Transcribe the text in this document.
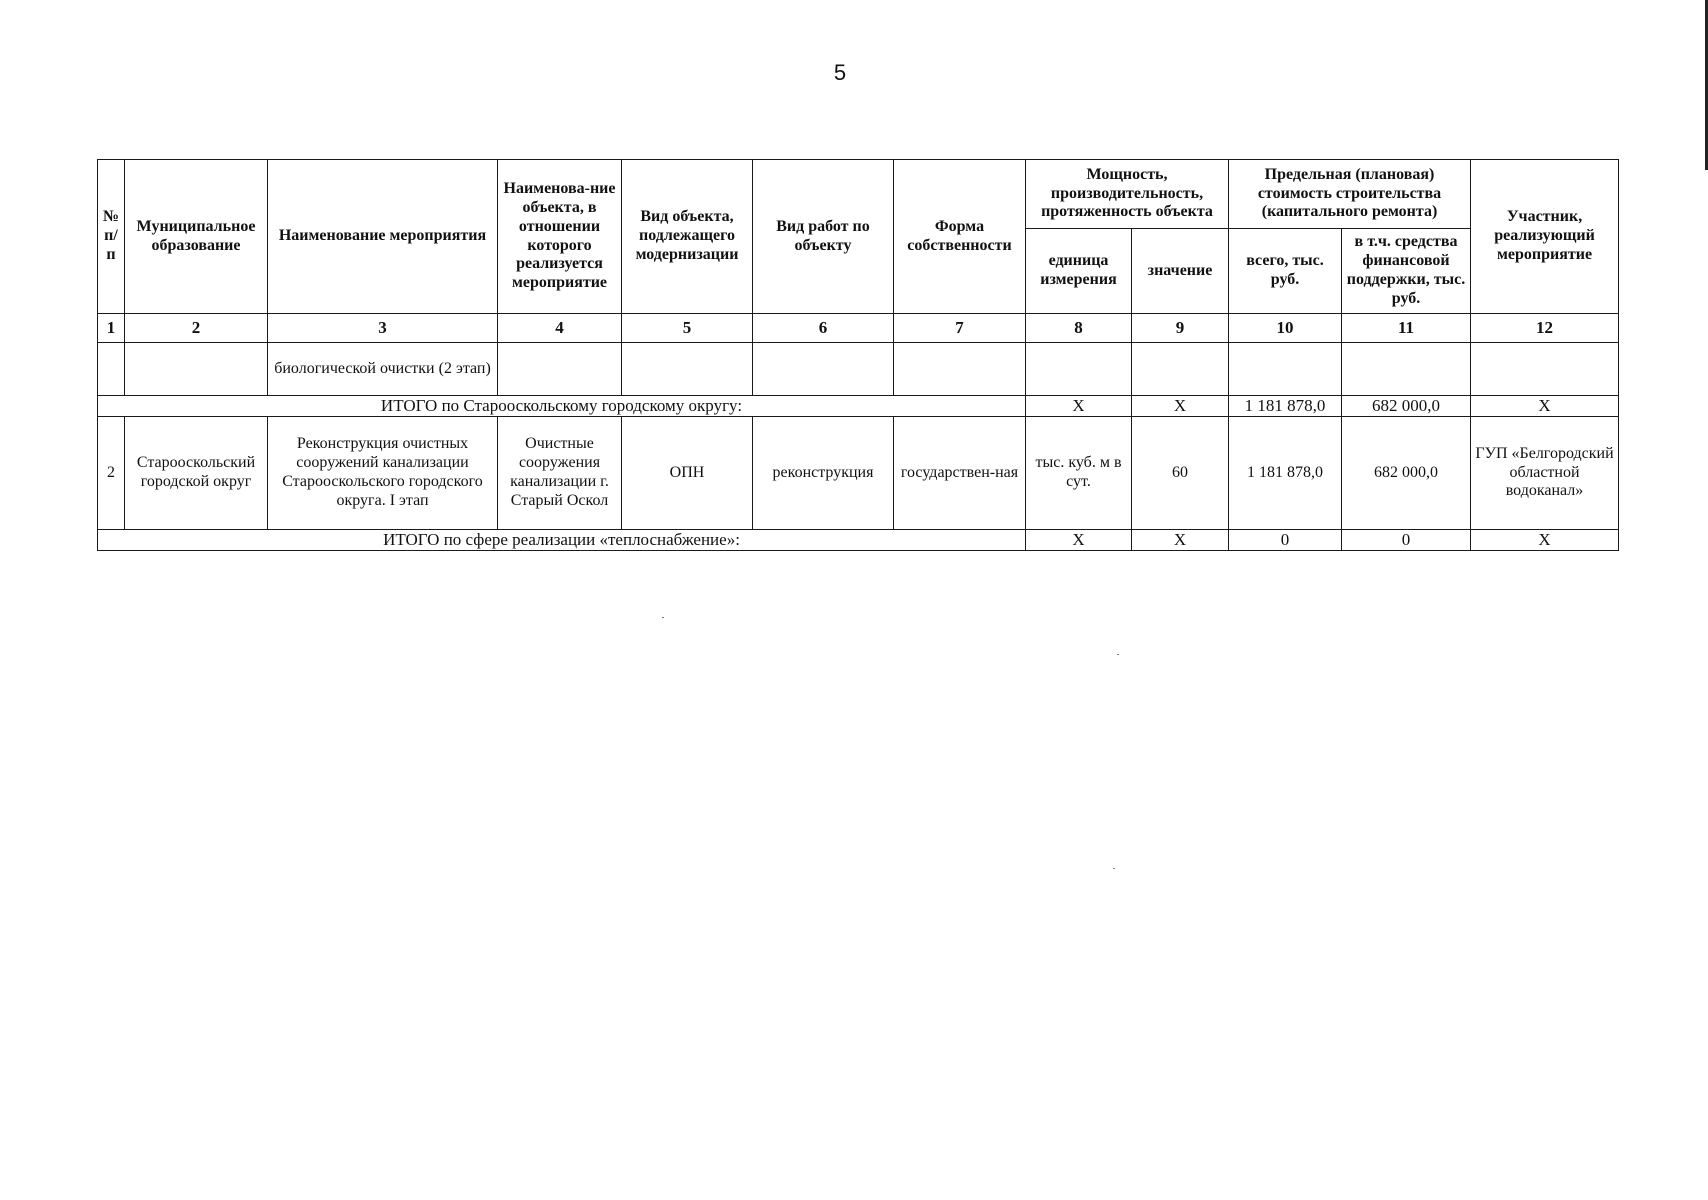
5
№ п/п	Муниципальное образование	Наименование мероприятия	Наименова-ние объекта, в отношении которого реализуется мероприятие	Вид объекта, подлежащего модернизации	Вид работ по объекту	Форма собственности	Мощность, производительность, протяженность объекта		Предельная (плановая) стоимость строительства (капитального ремонта)		Участник, реализующий мероприятие
							единица измерения	значение	всего, тыс. руб.	в т.ч. средства финансовой поддержки, тыс. руб.	
1	2	3	4	5	6	7	8	9	10	11	12
		биологической очистки (2 этап)									
ИТОГО по Старооскольскому городскому округу:							Х	Х	1 181 878,0	682 000,0	Х
2	Старооскольский городской округ	Реконструкция очистных сооружений канализации Старооскольского городского округа. I этап	Очистные сооружения канализации г. Старый Оскол	ОПН	реконструкция	государствен-ная	тыс. куб. м в сут.	60	1 181 878,0	682 000,0	ГУП «Белгородский областной водоканал»
ИТОГО по сфере реализации «теплоснабжение»:							Х	Х	0	0	Х
